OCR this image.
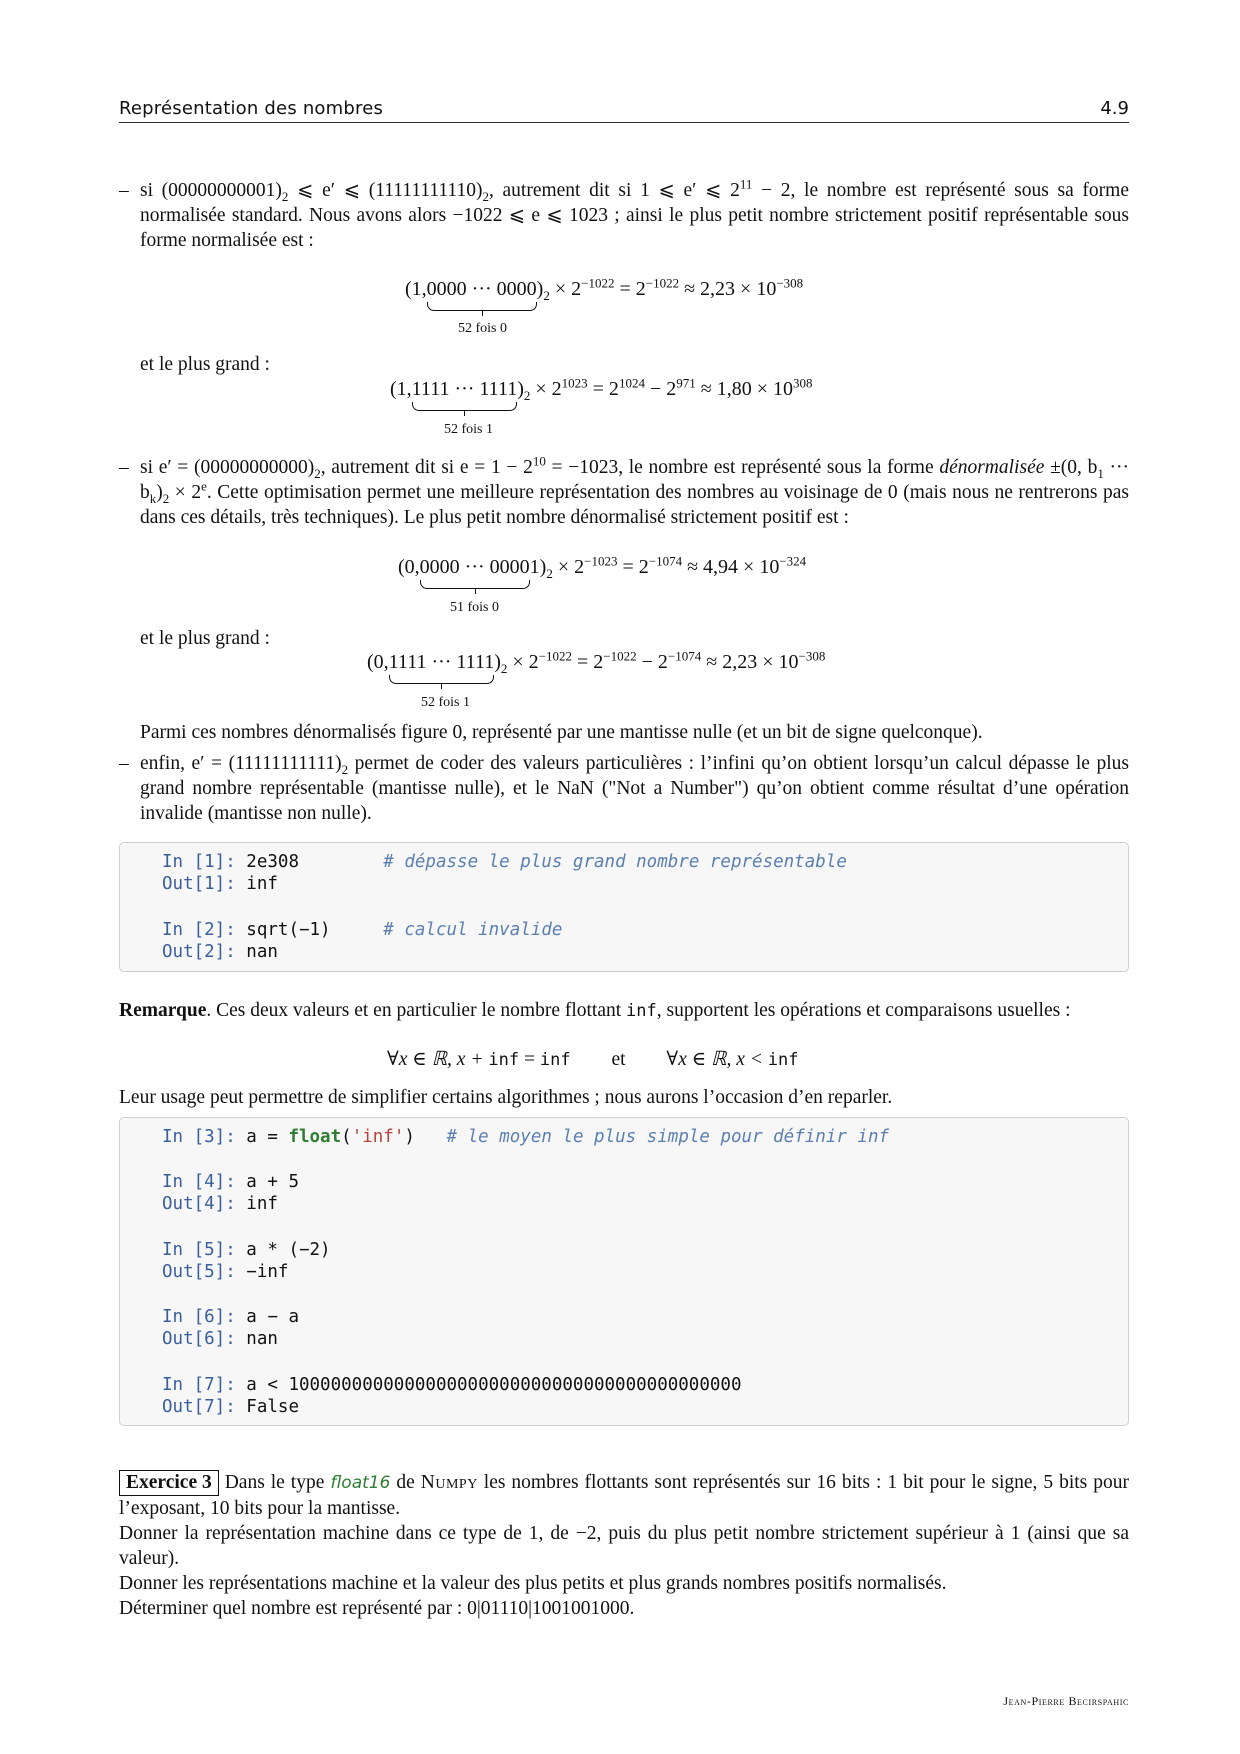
Représentation des nombres	4.9
– si $(00000000001)_2$ ⩽ e′ ⩽ $(11111111110)_2$, autrement dit si 1 ⩽ e′ ⩽ $2^{11} - 2$, le nombre est représenté sous sa forme normalisée standard. Nous avons alors −1022 ⩽ e ⩽ 1023 ; ainsi le plus petit nombre strictement positif représentable sous forme normalisée est :
(1,0000 ··· 0000
)$_2 \times 2^{-1022} = 2^{-1022} \approx 2,23 \times 10^{-308}$
52 fois 0
et le plus grand :
(1,1111 ··· 1111
)$_2 \times 2^{1023} = 2^{1024} - 2^{971} \approx 1,80 \times 10^{308}$
52 fois 1
– si $e' = (00000000000)_2$, autrement dit si $e = 1 - 2^{10} = -1023$, le nombre est représenté sous la forme dénormalisée ±(0, $b_1$ ··· $b_k)_2 \times 2^e$. Cette optimisation permet une meilleure représentation des nombres au voisinage de 0 (mais nous ne rentrerons pas dans ces détails, très techniques). Le plus petit nombre dénormalisé strictement positif est :
(0,0000 ··· 0000
$1)_2 \times 2^{-1023} = 2^{-1074} \approx 4,94 \times 10^{-324}$
51 fois 0
et le plus grand :
(0,1111 ··· 1111
)$_2 \times 2^{-1022} = 2^{-1022} - 2^{-1074} \approx 2,23 \times 10^{-308}$
52 fois 1
Parmi ces nombres dénormalisés figure 0, représenté par une mantisse nulle (et un bit de signe quelconque).
– enfin, $e' = (11111111111)_2$ permet de coder des valeurs particulières : l’infini qu’on obtient lorsqu’un calcul dépasse le plus grand nombre représentable (mantisse nulle), et le NaN ("Not a Number") qu’on obtient comme résultat d’une opération invalide (mantisse non nulle).
In [1]: 2e308	# dépasse le plus grand nombre représentable
Out[1]: inf
In [2]: sqrt(−1)	# calcul invalide
Out[2]: nan
Remarque. Ces deux valeurs et en particulier le nombre flottant inf, supportent les opérations et comparaisons usuelles :
∀x ∈ ℝ, x + inf = inf et ∀x ∈ ℝ, x < inf
Leur usage peut permettre de simplifier certains algorithmes ; nous aurons l’occasion d’en reparler.
In [3]: a = float('inf') # le moyen le plus simple pour définir inf
In [4]: a + 5
Out[4]: inf
In [5]: a * (−2)
Out[5]: −inf
In [6]: a − a
Out[6]: nan
In [7]: a < 1000000000000000000000000000000000000000000
Out[7]: False
Exercice 3 Dans le type float16 de Numpy les nombres flottants sont représentés sur 16 bits : 1 bit pour le signe, 5 bits pour l’exposant, 10 bits pour la mantisse.
Donner la représentation machine dans ce type de 1, de −2, puis du plus petit nombre strictement supérieur à 1 (ainsi que sa valeur).
Donner les représentations machine et la valeur des plus petits et plus grands nombres positifs normalisés.
Déterminer quel nombre est représenté par : 0|01110|1001001000.
Jean-Pierre Becirspahic
